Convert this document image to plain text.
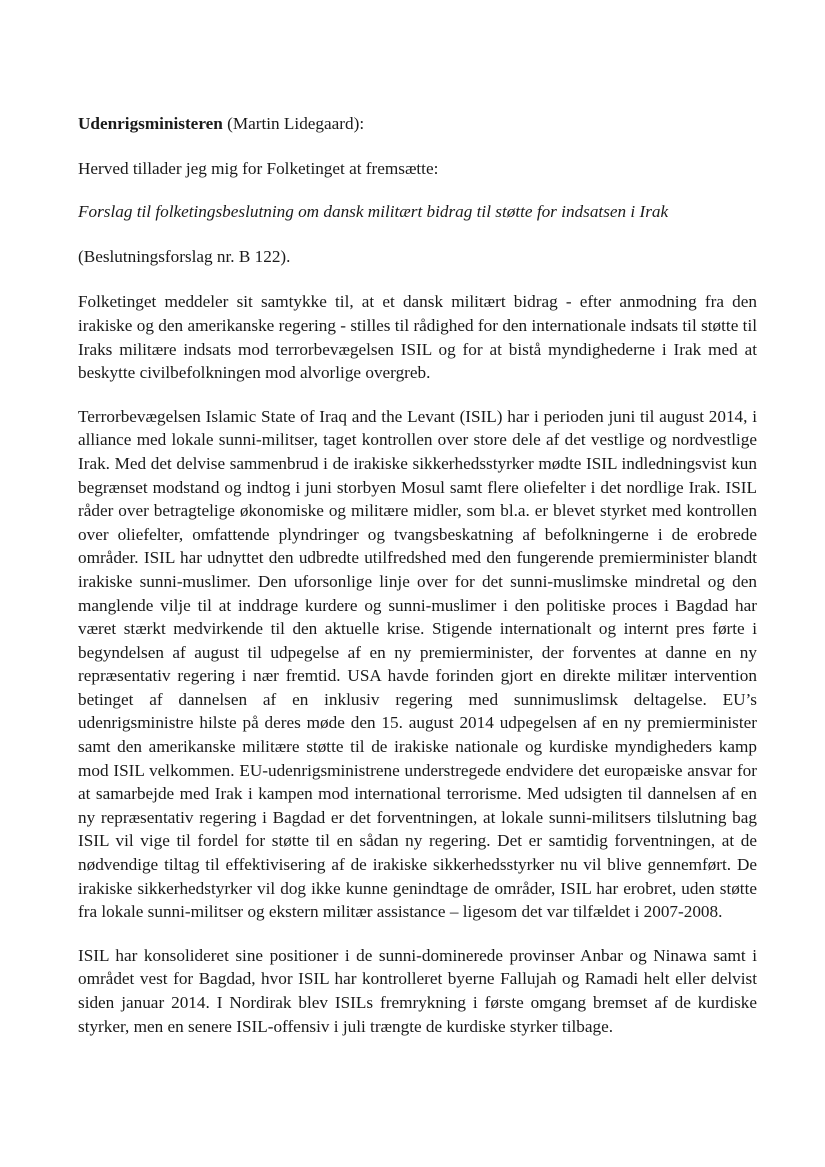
Udenrigsministeren (Martin Lidegaard):

Herved tillader jeg mig for Folketinget at fremsætte:

Forslag til folketingsbeslutning om dansk militært bidrag til støtte for indsatsen i Irak

(Beslutningsforslag nr. B 122).

Folketinget meddeler sit samtykke til, at et dansk militært bidrag - efter anmodning fra den irakiske og den amerikanske regering - stilles til rådighed for den internationale indsats til støtte til Iraks militære indsats mod terrorbevægelsen ISIL og for at bistå myndighederne i Irak med at beskytte civilbefolkningen mod alvorlige overgreb.

Terrorbevægelsen Islamic State of Iraq and the Levant (ISIL) har i perioden juni til august 2014, i alliance med lokale sunni-militser, taget kontrollen over store dele af det vestlige og nordvestlige Irak. Med det delvise sammenbrud i de irakiske sikkerhedsstyrker mødte ISIL indledningsvist kun begrænset modstand og indtog i juni storbyen Mosul samt flere oliefelter i det nordlige Irak. ISIL råder over betragtelige økonomiske og militære midler, som bl.a. er blevet styrket med kontrollen over oliefelter, omfattende plyndringer og tvangsbeskatning af befolkningerne i de erobrede områder. ISIL har udnyttet den udbredte utilfredshed med den fungerende premierminister blandt irakiske sunni-muslimer. Den uforsonlige linje over for det sunni-muslimske mindretal og den manglende vilje til at inddrage kurdere og sunni-muslimer i den politiske proces i Bagdad har været stærkt medvirkende til den aktuelle krise. Stigende internationalt og internt pres førte i begyndelsen af august til udpegelse af en ny premierminister, der forventes at danne en ny repræsentativ regering i nær fremtid. USA havde forinden gjort en direkte militær intervention betinget af dannelsen af en inklusiv regering med sunnimuslimsk deltagelse. EU’s udenrigsministre hilste på deres møde den 15. august 2014 udpegelsen af en ny premierminister samt den amerikanske militære støtte til de irakiske nationale og kurdiske myndigheders kamp mod ISIL velkommen. EU-udenrigsministrene understregede endvidere det europæiske ansvar for at samarbejde med Irak i kampen mod international terrorisme. Med udsigten til dannelsen af en ny repræsentativ regering i Bagdad er det forventningen, at lokale sunni-militsers tilslutning bag ISIL vil vige til fordel for støtte til en sådan ny regering. Det er samtidig forventningen, at de nødvendige tiltag til effektivisering af de irakiske sikkerhedsstyrker nu vil blive gennemført. De irakiske sikkerhedstyrker vil dog ikke kunne genindtage de områder, ISIL har erobret, uden støtte fra lokale sunni-militser og ekstern militær assistance – ligesom det var tilfældet i 2007-2008.

ISIL har konsolideret sine positioner i de sunni-dominerede provinser Anbar og Ninawa samt i området vest for Bagdad, hvor ISIL har kontrolleret byerne Fallujah og Ramadi helt eller delvist siden januar 2014. I Nordirak blev ISILs fremrykning i første omgang bremset af de kurdiske styrker, men en senere ISIL-offensiv i juli trængte de kurdiske styrker tilbage.
